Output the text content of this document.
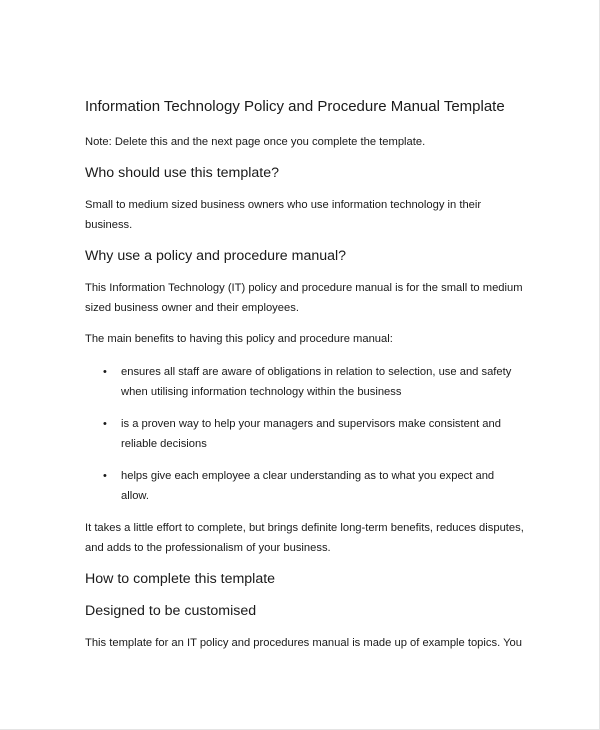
Information Technology Policy and Procedure Manual Template

Note: Delete this and the next page once you complete the template.

Who should use this template?

Small to medium sized business owners who use information technology in their business.

Why use a policy and procedure manual?

This Information Technology (IT) policy and procedure manual is for the small to medium sized business owner and their employees.

The main benefits to having this policy and procedure manual:

• ensures all staff are aware of obligations in relation to selection, use and safety when utilising information technology within the business
• is a proven way to help your managers and supervisors make consistent and reliable decisions
• helps give each employee a clear understanding as to what you expect and allow.

It takes a little effort to complete, but brings definite long-term benefits, reduces disputes, and adds to the professionalism of your business.

How to complete this template
Designed to be customised

This template for an IT policy and procedures manual is made up of example topics. You
